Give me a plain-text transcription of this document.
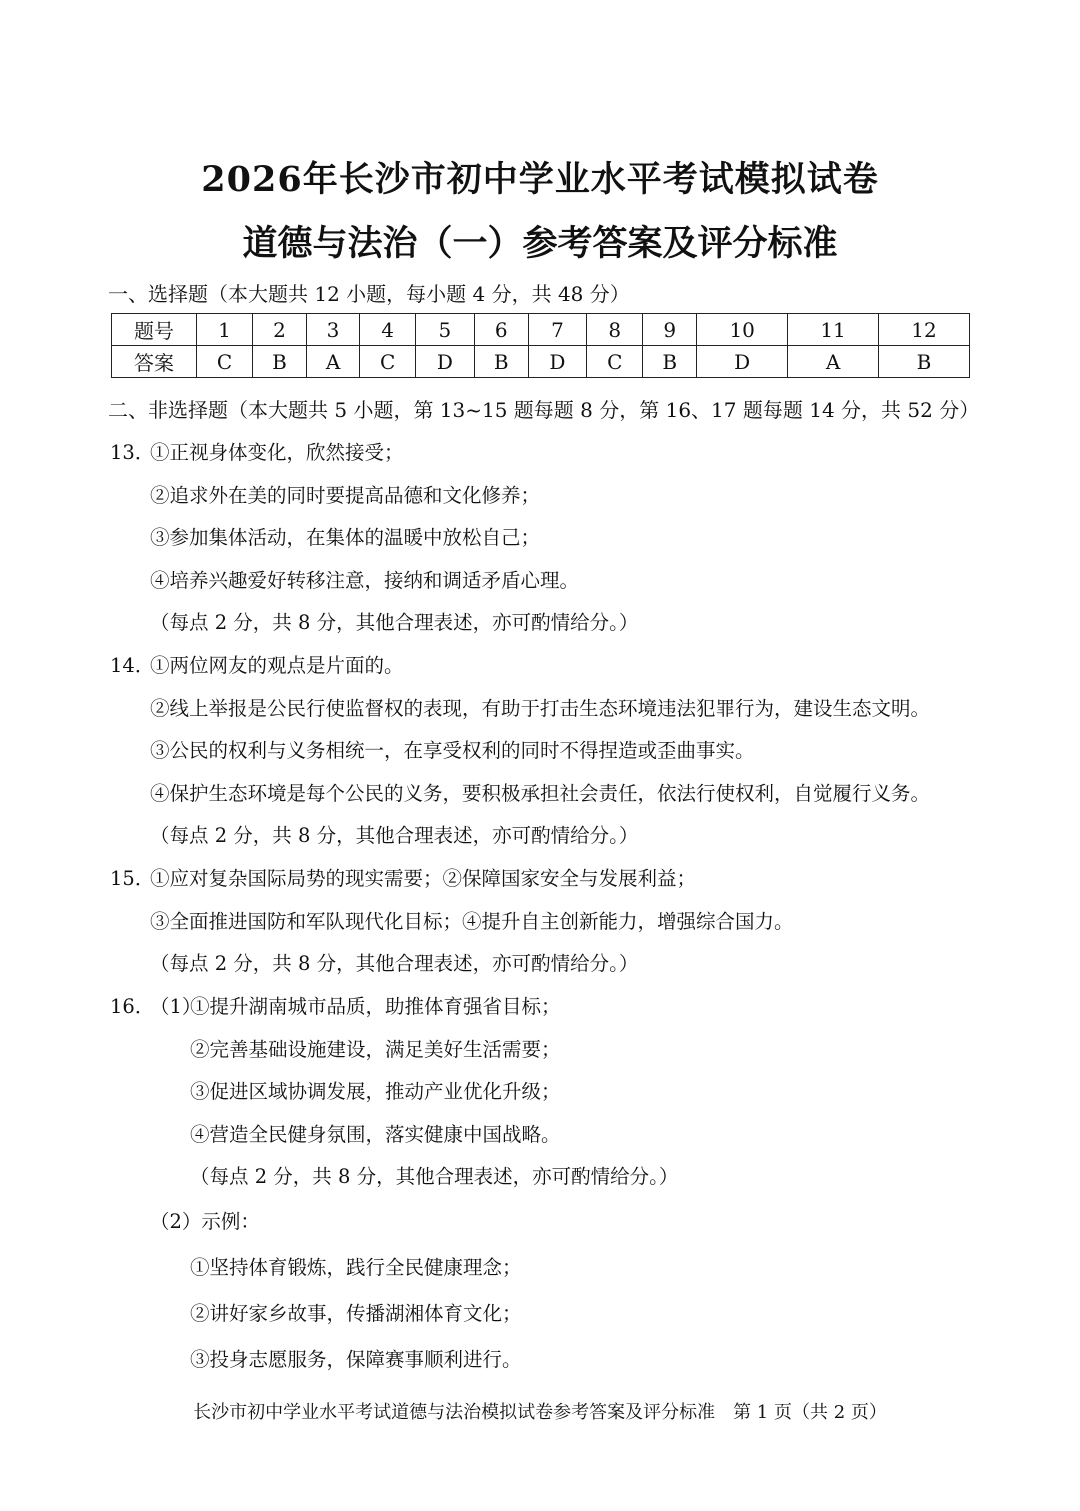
2026年长沙市初中学业水平考试模拟试卷
道德与法治（一）参考答案及评分标准
一、选择题（本大题共 12 小题，每小题 4 分，共 48 分）
题号	1	2	3	4	5	6	7	8	9	10	11	12
答案	C	B	A	C	D	B	D	C	B	D	A	B
二、非选择题（本大题共 5 小题，第 13~15 题每题 8 分，第 16、17 题每题 14 分，共 52 分）
13．
①正视身体变化，欣然接受；
②追求外在美的同时要提高品德和文化修养；
③参加集体活动，在集体的温暖中放松自己；
④培养兴趣爱好转移注意，接纳和调适矛盾心理。
（每点 2 分，共 8 分，其他合理表述，亦可酌情给分。）
14．
①两位网友的观点是片面的。
②线上举报是公民行使监督权的表现，有助于打击生态环境违法犯罪行为，建设生态文明。
③公民的权利与义务相统一，在享受权利的同时不得捏造或歪曲事实。
④保护生态环境是每个公民的义务，要积极承担社会责任，依法行使权利，自觉履行义务。
（每点 2 分，共 8 分，其他合理表述，亦可酌情给分。）
15．
①应对复杂国际局势的现实需要；②保障国家安全与发展利益；
③全面推进国防和军队现代化目标；④提升自主创新能力，增强综合国力。
（每点 2 分，共 8 分，其他合理表述，亦可酌情给分。）
16．
（1）
①提升湖南城市品质，助推体育强省目标；
②完善基础设施建设，满足美好生活需要；
③促进区域协调发展，推动产业优化升级；
④营造全民健身氛围，落实健康中国战略。
（每点 2 分，共 8 分，其他合理表述，亦可酌情给分。）
（2）示例：
①坚持体育锻炼，践行全民健康理念；
②讲好家乡故事，传播湖湘体育文化；
③投身志愿服务，保障赛事顺利进行。
长沙市初中学业水平考试道德与法治模拟试卷参考答案及评分标准　第 1 页（共 2 页）
